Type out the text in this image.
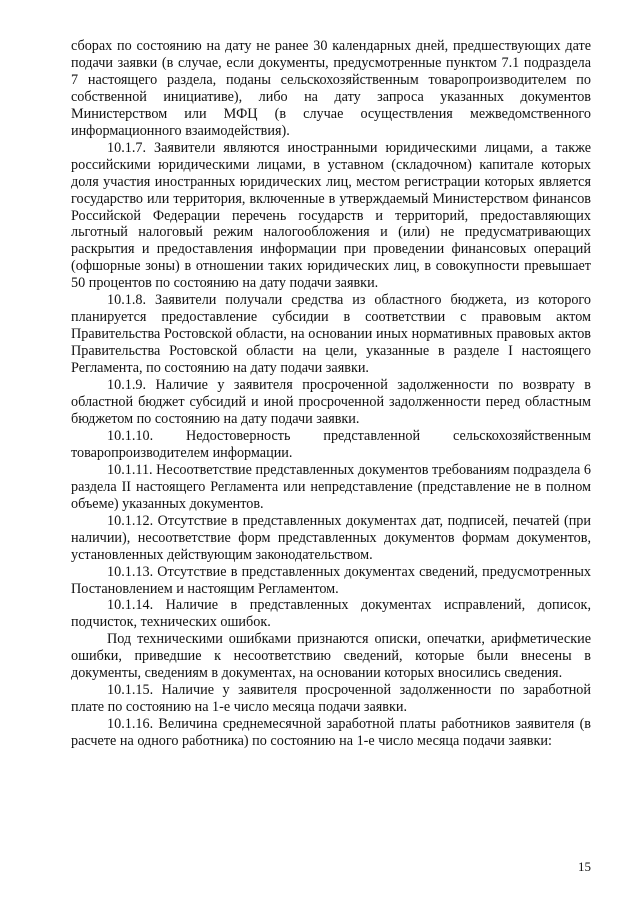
сборах по состоянию на дату не ранее 30 календарных дней, предшествующих дате подачи заявки (в случае, если документы, предусмотренные пунктом 7.1 подраздела 7 настоящего раздела, поданы сельскохозяйственным товаропроизводителем по собственной инициативе), либо на дату запроса указанных документов Министерством или МФЦ (в случае осуществления межведомственного информационного взаимодействия).

10.1.7. Заявители являются иностранными юридическими лицами, а также российскими юридическими лицами, в уставном (складочном) капитале которых доля участия иностранных юридических лиц, местом регистрации которых является государство или территория, включенные в утверждаемый Министерством финансов Российской Федерации перечень государств и территорий, предоставляющих льготный налоговый режим налогообложения и (или) не предусматривающих раскрытия и предоставления информации при проведении финансовых операций (офшорные зоны) в отношении таких юридических лиц, в совокупности превышает 50 процентов по состоянию на дату подачи заявки.

10.1.8. Заявители получали средства из областного бюджета, из которого планируется предоставление субсидии в соответствии с правовым актом Правительства Ростовской области, на основании иных нормативных правовых актов Правительства Ростовской области на цели, указанные в разделе I настоящего Регламента, по состоянию на дату подачи заявки.

10.1.9. Наличие у заявителя просроченной задолженности по возврату в областной бюджет субсидий и иной просроченной задолженности перед областным бюджетом по состоянию на дату подачи заявки.

10.1.10. Недостоверность представленной сельскохозяйственным товаропроизводителем информации.

10.1.11. Несоответствие представленных документов требованиям подраздела 6 раздела II настоящего Регламента или непредставление (представление не в полном объеме) указанных документов.

10.1.12. Отсутствие в представленных документах дат, подписей, печатей (при наличии), несоответствие форм представленных документов формам документов, установленных действующим законодательством.

10.1.13. Отсутствие в представленных документах сведений, предусмотренных Постановлением и настоящим Регламентом.

10.1.14. Наличие в представленных документах исправлений, дописок, подчисток, технических ошибок.

Под техническими ошибками признаются описки, опечатки, арифметические ошибки, приведшие к несоответствию сведений, которые были внесены в документы, сведениям в документах, на основании которых вносились сведения.

10.1.15. Наличие у заявителя просроченной задолженности по заработной плате по состоянию на 1-е число месяца подачи заявки.

10.1.16. Величина среднемесячной заработной платы работников заявителя (в расчете на одного работника) по состоянию на 1-е число месяца подачи заявки:

15
